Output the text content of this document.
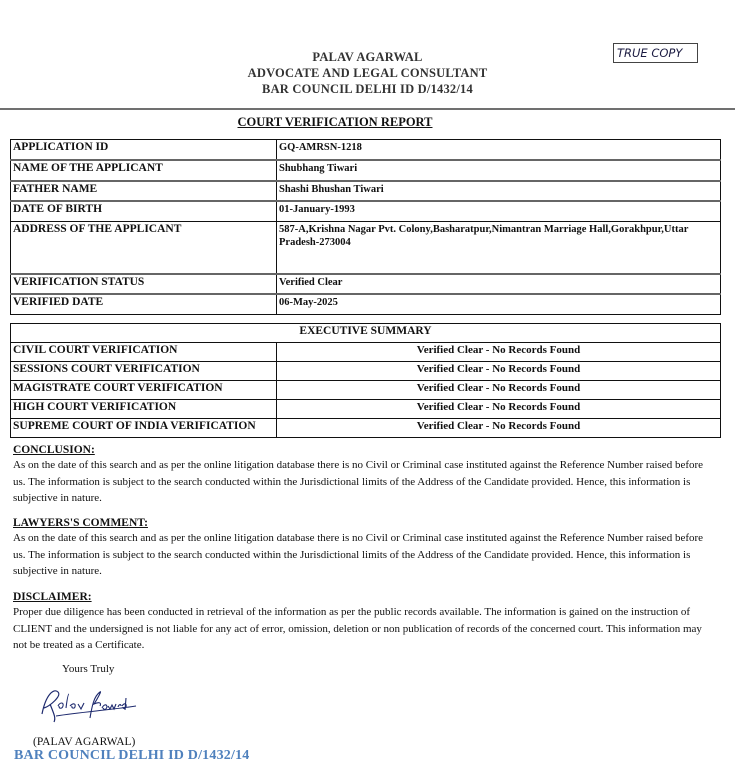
PALAV AGARWAL
ADVOCATE AND LEGAL CONSULTANT
BAR COUNCIL DELHI ID D/1432/14
TRUE COPY
COURT VERIFICATION REPORT
APPLICATION ID	GQ-AMRSN-1218
NAME OF THE APPLICANT	Shubhang Tiwari
FATHER NAME	Shashi Bhushan Tiwari
DATE OF BIRTH	01-January-1993
ADDRESS OF THE APPLICANT	587-A,Krishna Nagar Pvt. Colony,Basharatpur,Nimantran Marriage Hall,Gorakhpur,Uttar Pradesh-273004
VERIFICATION STATUS	Verified Clear
VERIFIED DATE	06-May-2025
EXECUTIVE SUMMARY	
CIVIL COURT VERIFICATION	Verified Clear - No Records Found
SESSIONS COURT VERIFICATION	Verified Clear - No Records Found
MAGISTRATE COURT VERIFICATION	Verified Clear - No Records Found
HIGH COURT VERIFICATION	Verified Clear - No Records Found
SUPREME COURT OF INDIA VERIFICATION	Verified Clear - No Records Found
CONCLUSION:
As on the date of this search and as per the online litigation database there is no Civil or Criminal case instituted against the Reference Number raised before us. The information is subject to the search conducted within the Jurisdictional limits of the Address of the Candidate provided. Hence, this information is subjective in nature.
LAWYERS'S COMMENT:
As on the date of this search and as per the online litigation database there is no Civil or Criminal case instituted against the Reference Number raised before us. The information is subject to the search conducted within the Jurisdictional limits of the Address of the Candidate provided. Hence, this information is subjective in nature.
DISCLAIMER:
Proper due diligence has been conducted in retrieval of the information as per the public records available. The information is gained on the instruction of CLIENT and the undersigned is not liable for any act of error, omission, deletion or non publication of records of the concerned court. This information may not be treated as a Certificate.
Yours Truly
(PALAV AGARWAL)
BAR COUNCIL DELHI ID D/1432/14
